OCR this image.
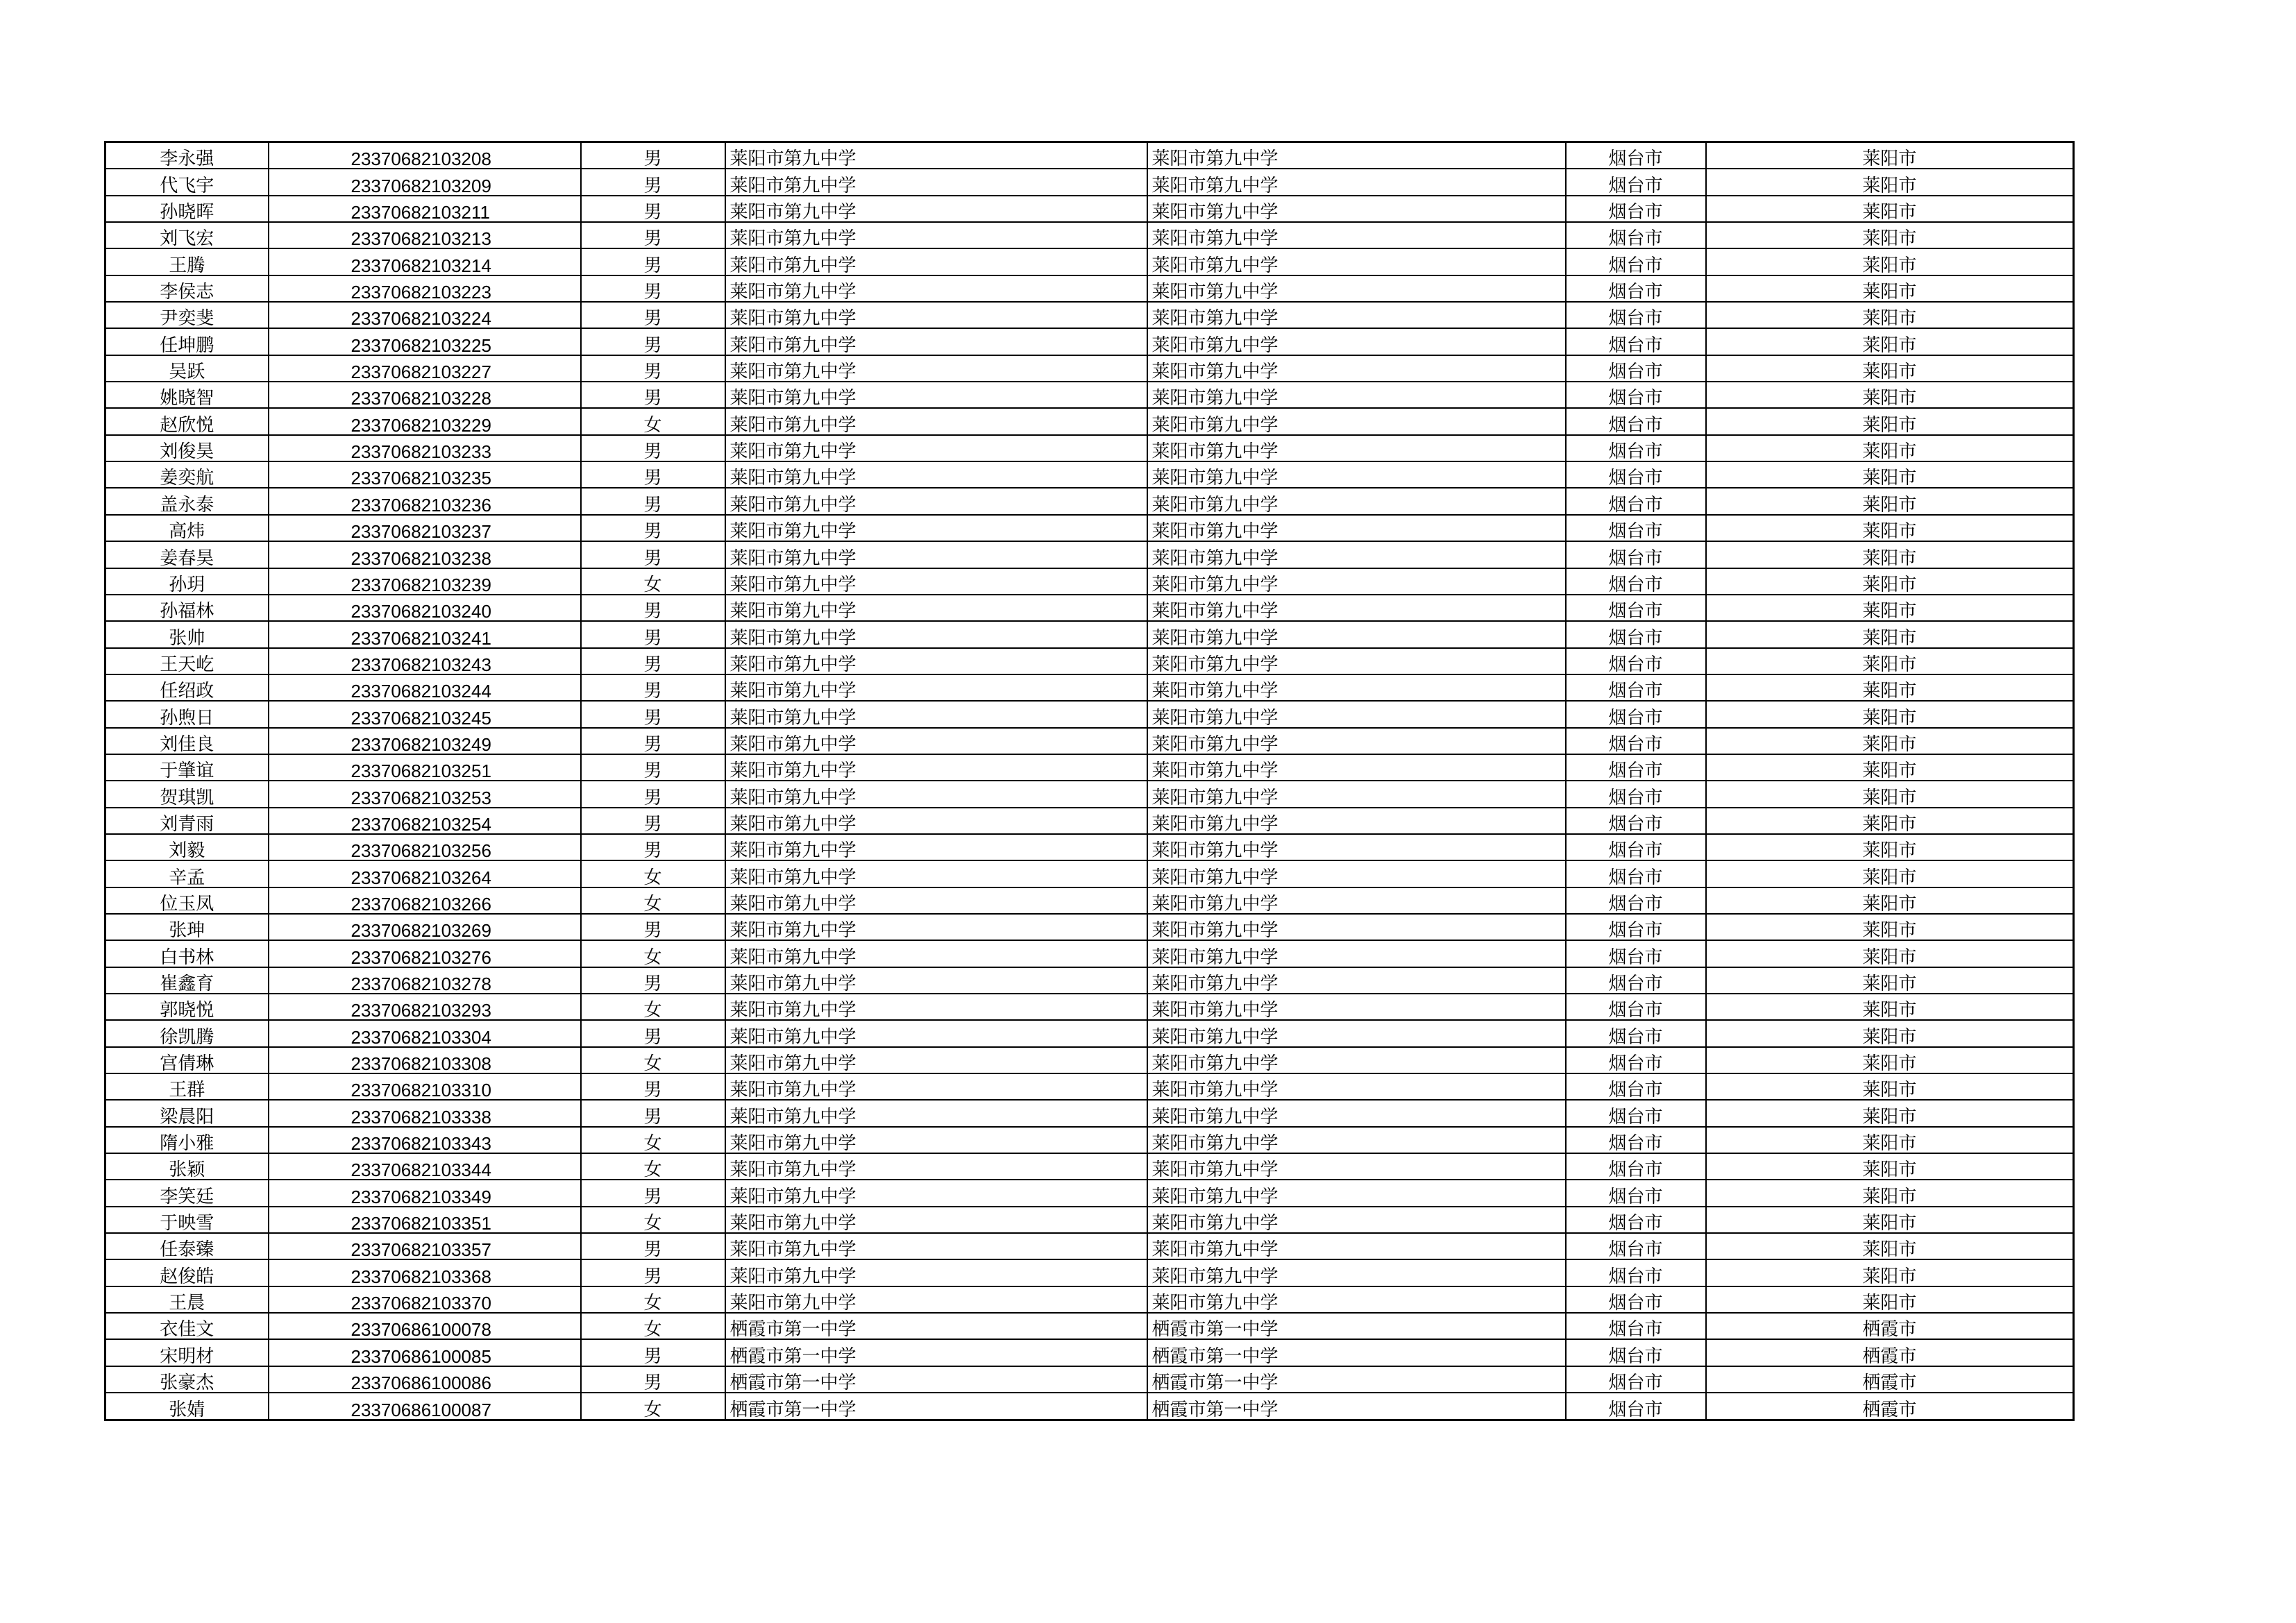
李永强	23370682103208	男	莱阳市第九中学	莱阳市第九中学	烟台市	莱阳市
代飞宇	23370682103209	男	莱阳市第九中学	莱阳市第九中学	烟台市	莱阳市
孙晓晖	23370682103211	男	莱阳市第九中学	莱阳市第九中学	烟台市	莱阳市
刘飞宏	23370682103213	男	莱阳市第九中学	莱阳市第九中学	烟台市	莱阳市
王腾	23370682103214	男	莱阳市第九中学	莱阳市第九中学	烟台市	莱阳市
李侯志	23370682103223	男	莱阳市第九中学	莱阳市第九中学	烟台市	莱阳市
尹奕斐	23370682103224	男	莱阳市第九中学	莱阳市第九中学	烟台市	莱阳市
任坤鹏	23370682103225	男	莱阳市第九中学	莱阳市第九中学	烟台市	莱阳市
吴跃	23370682103227	男	莱阳市第九中学	莱阳市第九中学	烟台市	莱阳市
姚晓智	23370682103228	男	莱阳市第九中学	莱阳市第九中学	烟台市	莱阳市
赵欣悦	23370682103229	女	莱阳市第九中学	莱阳市第九中学	烟台市	莱阳市
刘俊昊	23370682103233	男	莱阳市第九中学	莱阳市第九中学	烟台市	莱阳市
姜奕航	23370682103235	男	莱阳市第九中学	莱阳市第九中学	烟台市	莱阳市
盖永泰	23370682103236	男	莱阳市第九中学	莱阳市第九中学	烟台市	莱阳市
高炜	23370682103237	男	莱阳市第九中学	莱阳市第九中学	烟台市	莱阳市
姜春昊	23370682103238	男	莱阳市第九中学	莱阳市第九中学	烟台市	莱阳市
孙玥	23370682103239	女	莱阳市第九中学	莱阳市第九中学	烟台市	莱阳市
孙福林	23370682103240	男	莱阳市第九中学	莱阳市第九中学	烟台市	莱阳市
张帅	23370682103241	男	莱阳市第九中学	莱阳市第九中学	烟台市	莱阳市
王天屹	23370682103243	男	莱阳市第九中学	莱阳市第九中学	烟台市	莱阳市
任绍政	23370682103244	男	莱阳市第九中学	莱阳市第九中学	烟台市	莱阳市
孙煦日	23370682103245	男	莱阳市第九中学	莱阳市第九中学	烟台市	莱阳市
刘佳良	23370682103249	男	莱阳市第九中学	莱阳市第九中学	烟台市	莱阳市
于肇谊	23370682103251	男	莱阳市第九中学	莱阳市第九中学	烟台市	莱阳市
贺琪凯	23370682103253	男	莱阳市第九中学	莱阳市第九中学	烟台市	莱阳市
刘青雨	23370682103254	男	莱阳市第九中学	莱阳市第九中学	烟台市	莱阳市
刘毅	23370682103256	男	莱阳市第九中学	莱阳市第九中学	烟台市	莱阳市
辛孟	23370682103264	女	莱阳市第九中学	莱阳市第九中学	烟台市	莱阳市
位玉凤	23370682103266	女	莱阳市第九中学	莱阳市第九中学	烟台市	莱阳市
张珅	23370682103269	男	莱阳市第九中学	莱阳市第九中学	烟台市	莱阳市
白书林	23370682103276	女	莱阳市第九中学	莱阳市第九中学	烟台市	莱阳市
崔鑫育	23370682103278	男	莱阳市第九中学	莱阳市第九中学	烟台市	莱阳市
郭晓悦	23370682103293	女	莱阳市第九中学	莱阳市第九中学	烟台市	莱阳市
徐凯腾	23370682103304	男	莱阳市第九中学	莱阳市第九中学	烟台市	莱阳市
宫倩琳	23370682103308	女	莱阳市第九中学	莱阳市第九中学	烟台市	莱阳市
王群	23370682103310	男	莱阳市第九中学	莱阳市第九中学	烟台市	莱阳市
梁晨阳	23370682103338	男	莱阳市第九中学	莱阳市第九中学	烟台市	莱阳市
隋小雅	23370682103343	女	莱阳市第九中学	莱阳市第九中学	烟台市	莱阳市
张颖	23370682103344	女	莱阳市第九中学	莱阳市第九中学	烟台市	莱阳市
李笑廷	23370682103349	男	莱阳市第九中学	莱阳市第九中学	烟台市	莱阳市
于映雪	23370682103351	女	莱阳市第九中学	莱阳市第九中学	烟台市	莱阳市
任泰臻	23370682103357	男	莱阳市第九中学	莱阳市第九中学	烟台市	莱阳市
赵俊皓	23370682103368	男	莱阳市第九中学	莱阳市第九中学	烟台市	莱阳市
王晨	23370682103370	女	莱阳市第九中学	莱阳市第九中学	烟台市	莱阳市
衣佳文	23370686100078	女	栖霞市第一中学	栖霞市第一中学	烟台市	栖霞市
宋明材	23370686100085	男	栖霞市第一中学	栖霞市第一中学	烟台市	栖霞市
张豪杰	23370686100086	男	栖霞市第一中学	栖霞市第一中学	烟台市	栖霞市
张婧	23370686100087	女	栖霞市第一中学	栖霞市第一中学	烟台市	栖霞市
